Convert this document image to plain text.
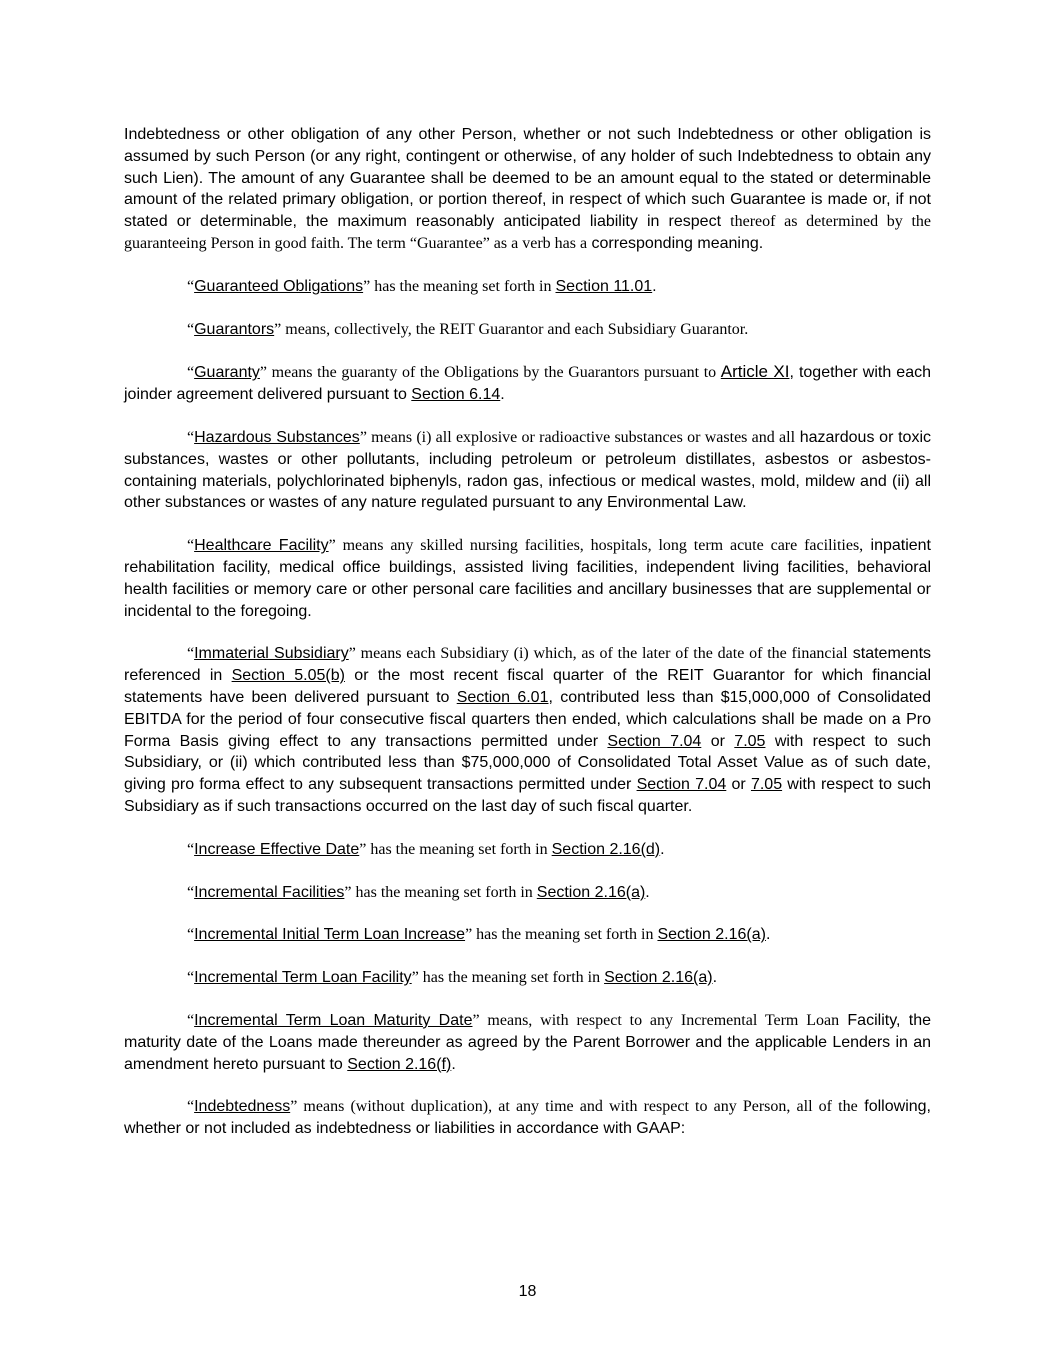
Indebtedness or other obligation of any other Person, whether or not such Indebtedness or other obligation is assumed by such Person (or any right, contingent or otherwise, of any holder of such Indebtedness to obtain any such Lien). The amount of any Guarantee shall be deemed to be an amount equal to the stated or determinable amount of the related primary obligation, or portion thereof, in respect of which such Guarantee is made or, if not stated or determinable, the maximum reasonably anticipated liability in respect thereof as determined by the guaranteeing Person in good faith. The term “Guarantee” as a verb has a corresponding meaning.

“Guaranteed Obligations” has the meaning set forth in Section 11.01.

“Guarantors” means, collectively, the REIT Guarantor and each Subsidiary Guarantor.

“Guaranty” means the guaranty of the Obligations by the Guarantors pursuant to Article XI, together with each joinder agreement delivered pursuant to Section 6.14.

“Hazardous Substances” means (i) all explosive or radioactive substances or wastes and all hazardous or toxic substances, wastes or other pollutants, including petroleum or petroleum distillates, asbestos or asbestos-containing materials, polychlorinated biphenyls, radon gas, infectious or medical wastes, mold, mildew and (ii) all other substances or wastes of any nature regulated pursuant to any Environmental Law.

“Healthcare Facility” means any skilled nursing facilities, hospitals, long term acute care facilities, inpatient rehabilitation facility, medical office buildings, assisted living facilities, independent living facilities, behavioral health facilities or memory care or other personal care facilities and ancillary businesses that are supplemental or incidental to the foregoing.

“Immaterial Subsidiary” means each Subsidiary (i) which, as of the later of the date of the financial statements referenced in Section 5.05(b) or the most recent fiscal quarter of the REIT Guarantor for which financial statements have been delivered pursuant to Section 6.01, contributed less than $15,000,000 of Consolidated EBITDA for the period of four consecutive fiscal quarters then ended, which calculations shall be made on a Pro Forma Basis giving effect to any transactions permitted under Section 7.04 or 7.05 with respect to such Subsidiary, or (ii) which contributed less than $75,000,000 of Consolidated Total Asset Value as of such date, giving pro forma effect to any subsequent transactions permitted under Section 7.04 or 7.05 with respect to such Subsidiary as if such transactions occurred on the last day of such fiscal quarter.

“Increase Effective Date” has the meaning set forth in Section 2.16(d).

“Incremental Facilities” has the meaning set forth in Section 2.16(a).

“Incremental Initial Term Loan Increase” has the meaning set forth in Section 2.16(a).

“Incremental Term Loan Facility” has the meaning set forth in Section 2.16(a).

“Incremental Term Loan Maturity Date” means, with respect to any Incremental Term Loan Facility, the maturity date of the Loans made thereunder as agreed by the Parent Borrower and the applicable Lenders in an amendment hereto pursuant to Section 2.16(f).

“Indebtedness” means (without duplication), at any time and with respect to any Person, all of the following, whether or not included as indebtedness or liabilities in accordance with GAAP:

18
